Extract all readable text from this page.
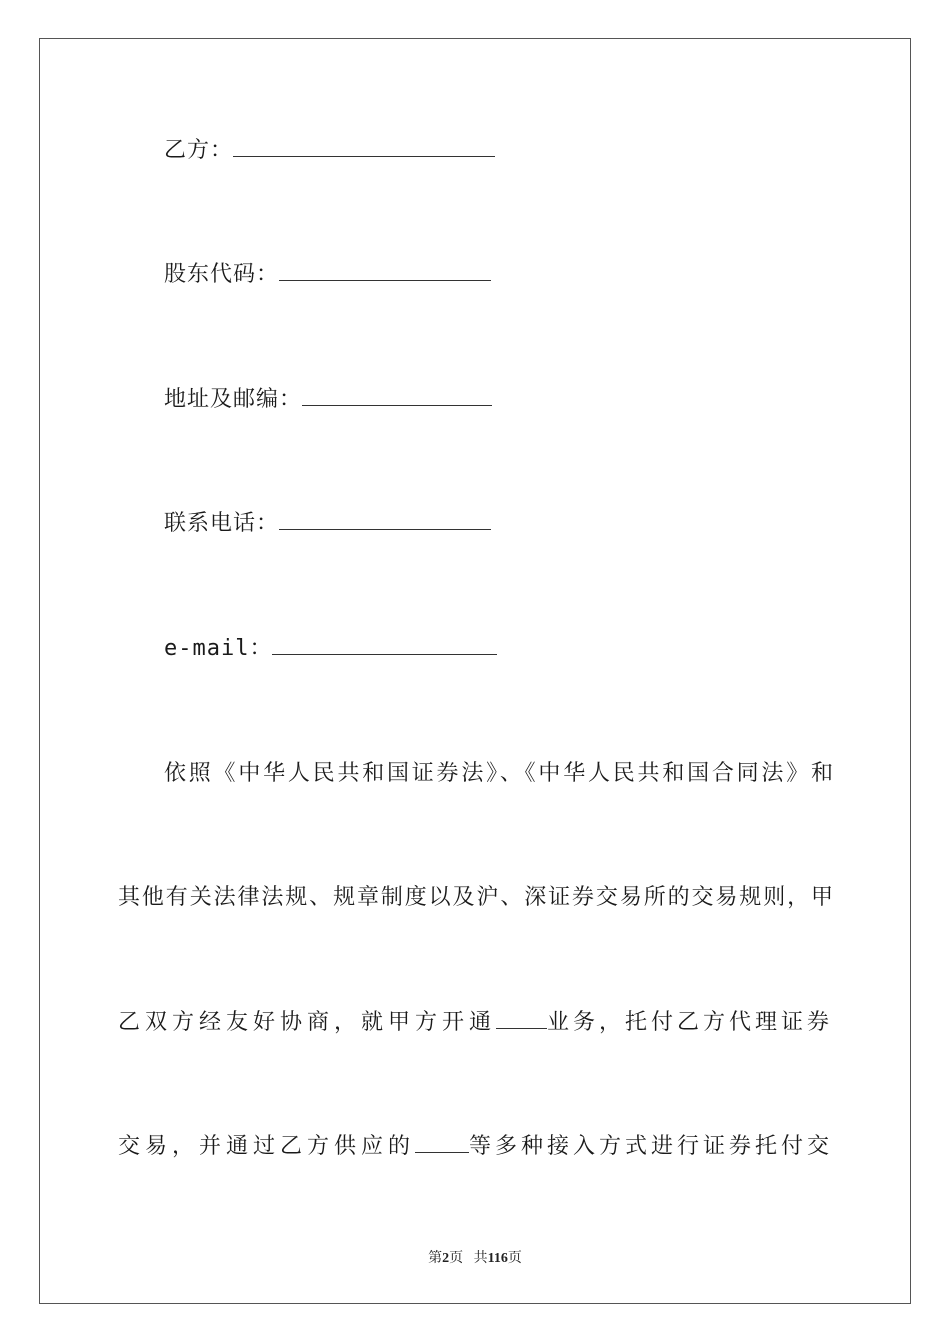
乙方：
股东代码：
地址及邮编：
联系电话：
e-mail：
依照《中华人民共和国证券法》、《中华人民共和国合同法》和
其他有关法律法规、规章制度以及沪、深证券交易所的交易规则，甲
乙双方经友好协商，就甲方开通 业务，托付乙方代理证券
交易，并通过乙方供应的 等多种接入方式进行证券托付交
第2页 共116页
